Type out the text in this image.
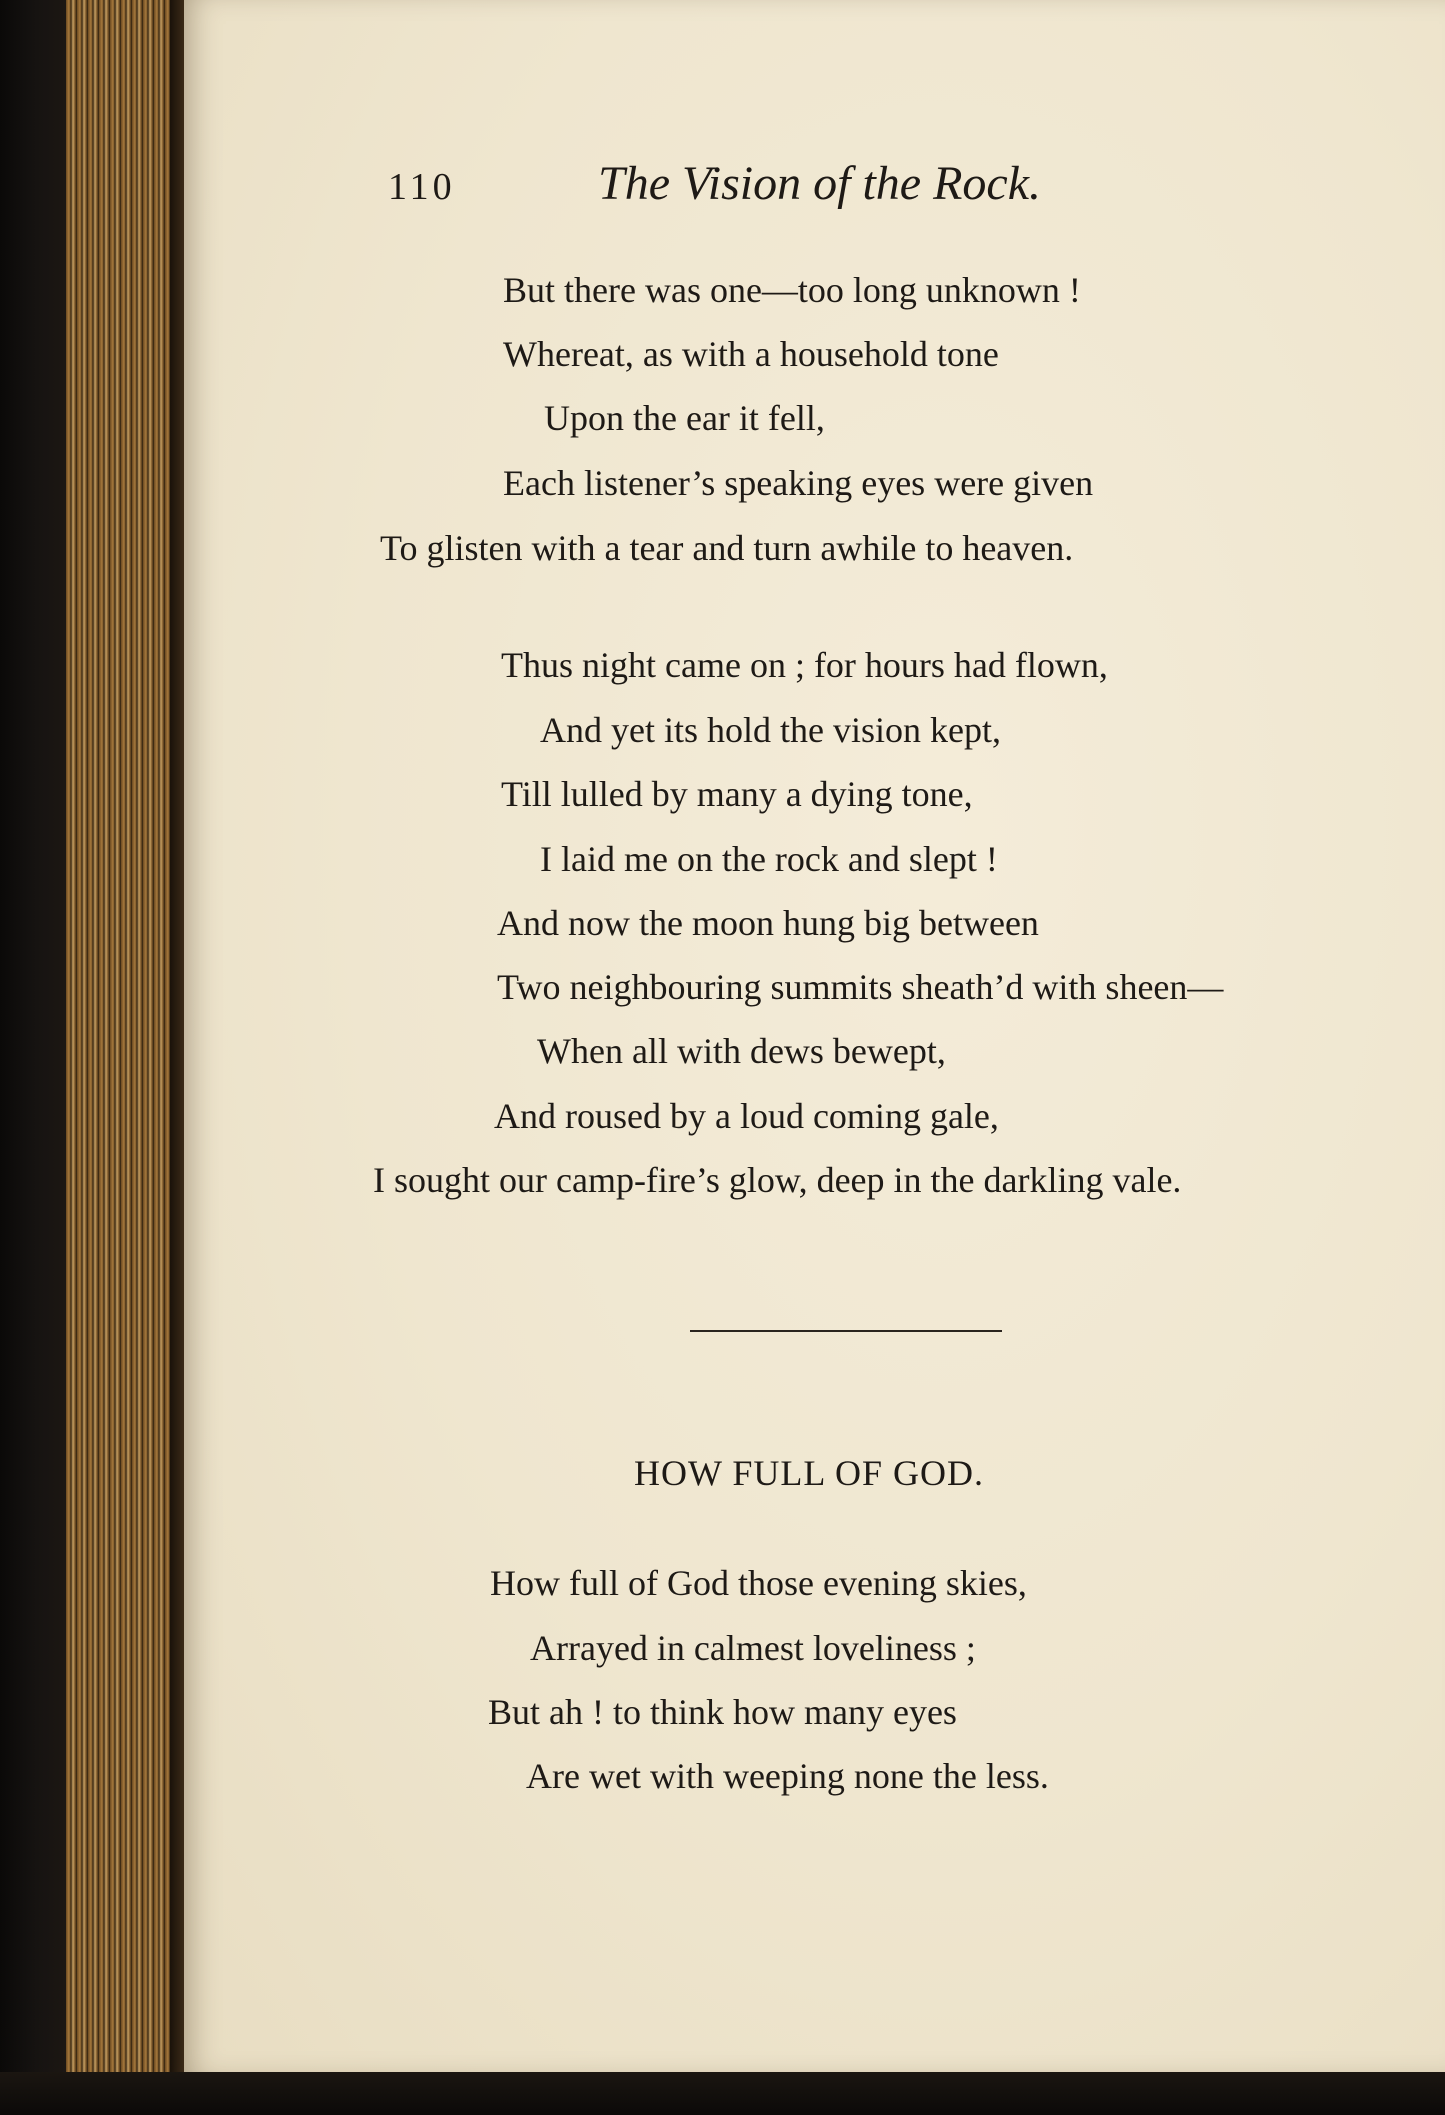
110	The Vision of the Rock.
But there was one—too long unknown !
Whereat, as with a household tone
Upon the ear it fell,
Each listener’s speaking eyes were given
To glisten with a tear and turn awhile to heaven.
Thus night came on ; for hours had flown,
And yet its hold the vision kept,
Till lulled by many a dying tone,
I laid me on the rock and slept !
And now the moon hung big between
Two neighbouring summits sheath’d with sheen—
When all with dews bewept,
And roused by a loud coming gale,
I sought our camp-fire’s glow, deep in the darkling vale.
HOW FULL OF GOD.
How full of God those evening skies,
Arrayed in calmest loveliness ;
But ah ! to think how many eyes
Are wet with weeping none the less.
